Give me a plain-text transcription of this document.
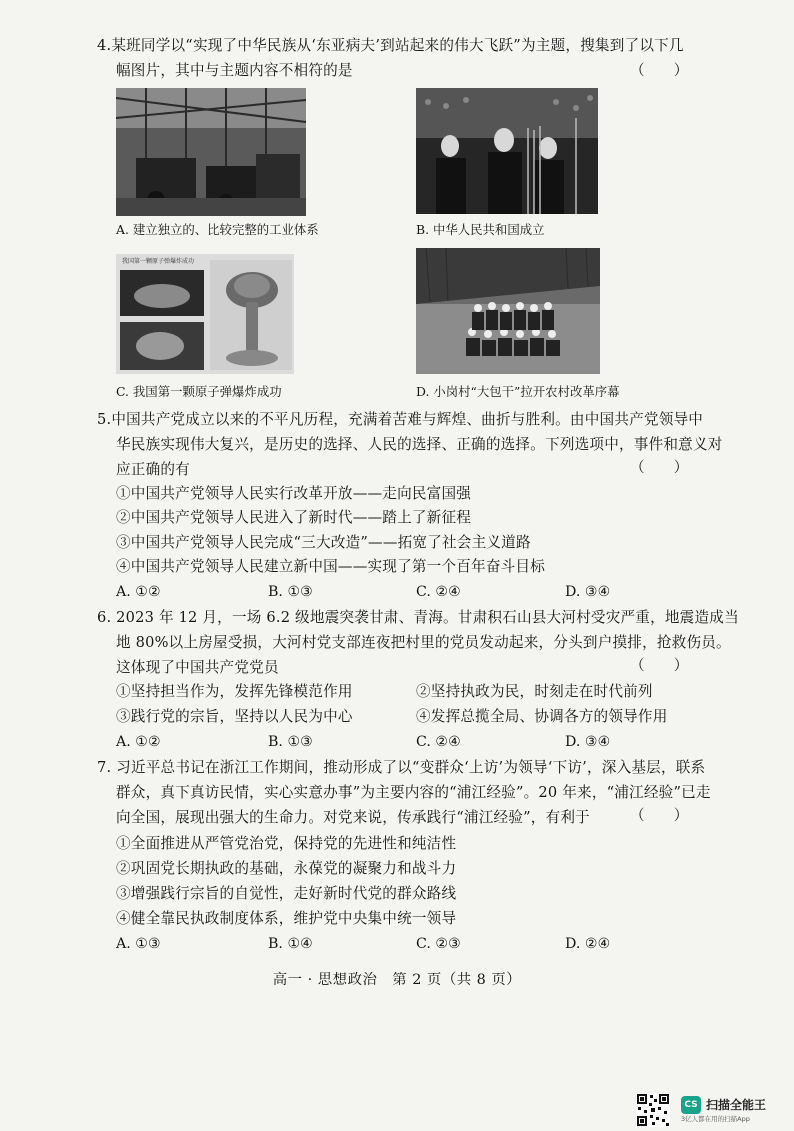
4.某班同学以“实现了中华民族从‘东亚病夫’到站起来的伟大飞跃”为主题，搜集到了以下几
幅图片，其中与主题内容不相符的是	（　　）
A. 建立独立的、比较完整的工业体系	B. 中华人民共和国成立
我国第一颗原子弹爆炸成功
C. 我国第一颗原子弹爆炸成功	D. 小岗村“大包干”拉开农村改革序幕
5.中国共产党成立以来的不平凡历程，充满着苦难与辉煌、曲折与胜利。由中国共产党领导中
华民族实现伟大复兴，是历史的选择、人民的选择、正确的选择。下列选项中，事件和意义对
应正确的有	（　　）
①中国共产党领导人民实行改革开放——走向民富国强
②中国共产党领导人民进入了新时代——踏上了新征程
③中国共产党领导人民完成“三大改造”——拓宽了社会主义道路
④中国共产党领导人民建立新中国——实现了第一个百年奋斗目标
A. ①②	B. ①③	C. ②④	D. ③④
6. 2023 年 12 月，一场 6.2 级地震突袭甘肃、青海。甘肃积石山县大河村受灾严重，地震造成当
地 80%以上房屋受损，大河村党支部连夜把村里的党员发动起来，分头到户摸排，抢救伤员。
这体现了中国共产党党员	（　　）
①坚持担当作为，发挥先锋模范作用	②坚持执政为民，时刻走在时代前列
③践行党的宗旨，坚持以人民为中心	④发挥总揽全局、协调各方的领导作用
A. ①②	B. ①③	C. ②④	D. ③④
7. 习近平总书记在浙江工作期间，推动形成了以“变群众‘上访’为领导‘下访’，深入基层，联系
群众，真下真访民情，实心实意办事”为主要内容的“浦江经验”。20 年来，“浦江经验”已走
向全国，展现出强大的生命力。对党来说，传承践行“浦江经验”，有利于	（　　）
①全面推进从严管党治党，保持党的先进性和纯洁性
②巩固党长期执政的基础，永葆党的凝聚力和战斗力
③增强践行宗旨的自觉性，走好新时代党的群众路线
④健全靠民执政制度体系，维护党中央集中统一领导
A. ①③	B. ①④	C. ②③	D. ②④
高一 · 思想政治　第 2 页（共 8 页）
CS 扫描全能王
3亿人都在用的扫描App
